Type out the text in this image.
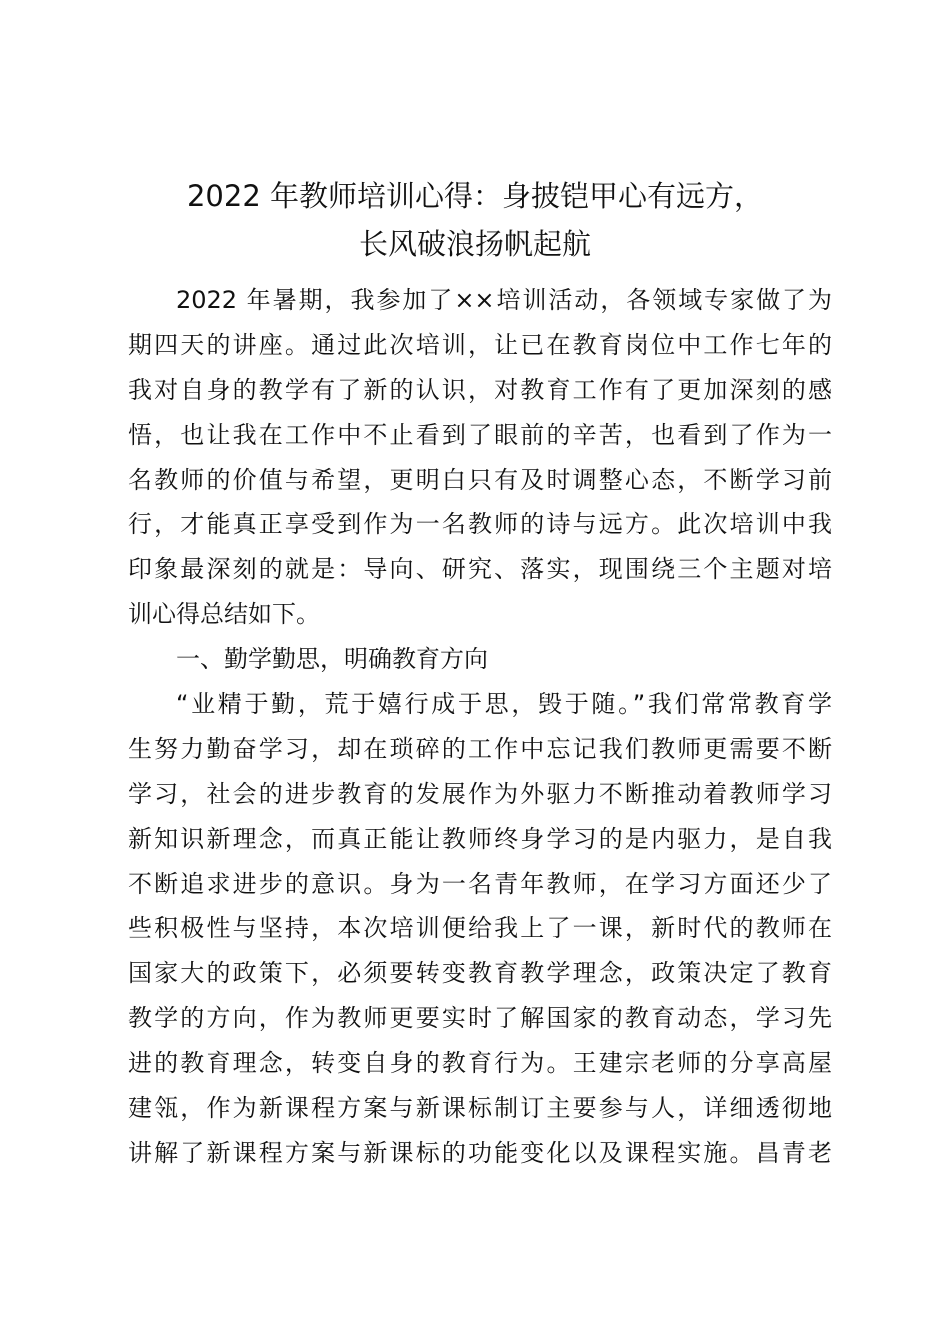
2022 年教师培训心得：身披铠甲心有远方，
长风破浪扬帆起航
2022 年暑期，我参加了××培训活动，各领域专家做了为
期四天的讲座。通过此次培训，让已在教育岗位中工作七年的
我对自身的教学有了新的认识，对教育工作有了更加深刻的感
悟，也让我在工作中不止看到了眼前的辛苦，也看到了作为一
名教师的价值与希望，更明白只有及时调整心态，不断学习前
行，才能真正享受到作为一名教师的诗与远方。此次培训中我
印象最深刻的就是：导向、研究、落实，现围绕三个主题对培
训心得总结如下。
一、勤学勤思，明确教育方向
“业精于勤，荒于嬉行成于思，毁于随。”我们常常教育学
生努力勤奋学习，却在琐碎的工作中忘记我们教师更需要不断
学习，社会的进步教育的发展作为外驱力不断推动着教师学习
新知识新理念，而真正能让教师终身学习的是内驱力，是自我
不断追求进步的意识。身为一名青年教师，在学习方面还少了
些积极性与坚持，本次培训便给我上了一课，新时代的教师在
国家大的政策下，必须要转变教育教学理念，政策决定了教育
教学的方向，作为教师更要实时了解国家的教育动态，学习先
进的教育理念，转变自身的教育行为。王建宗老师的分享高屋
建瓴，作为新课程方案与新课标制订主要参与人，详细透彻地
讲解了新课程方案与新课标的功能变化以及课程实施。昌青老
